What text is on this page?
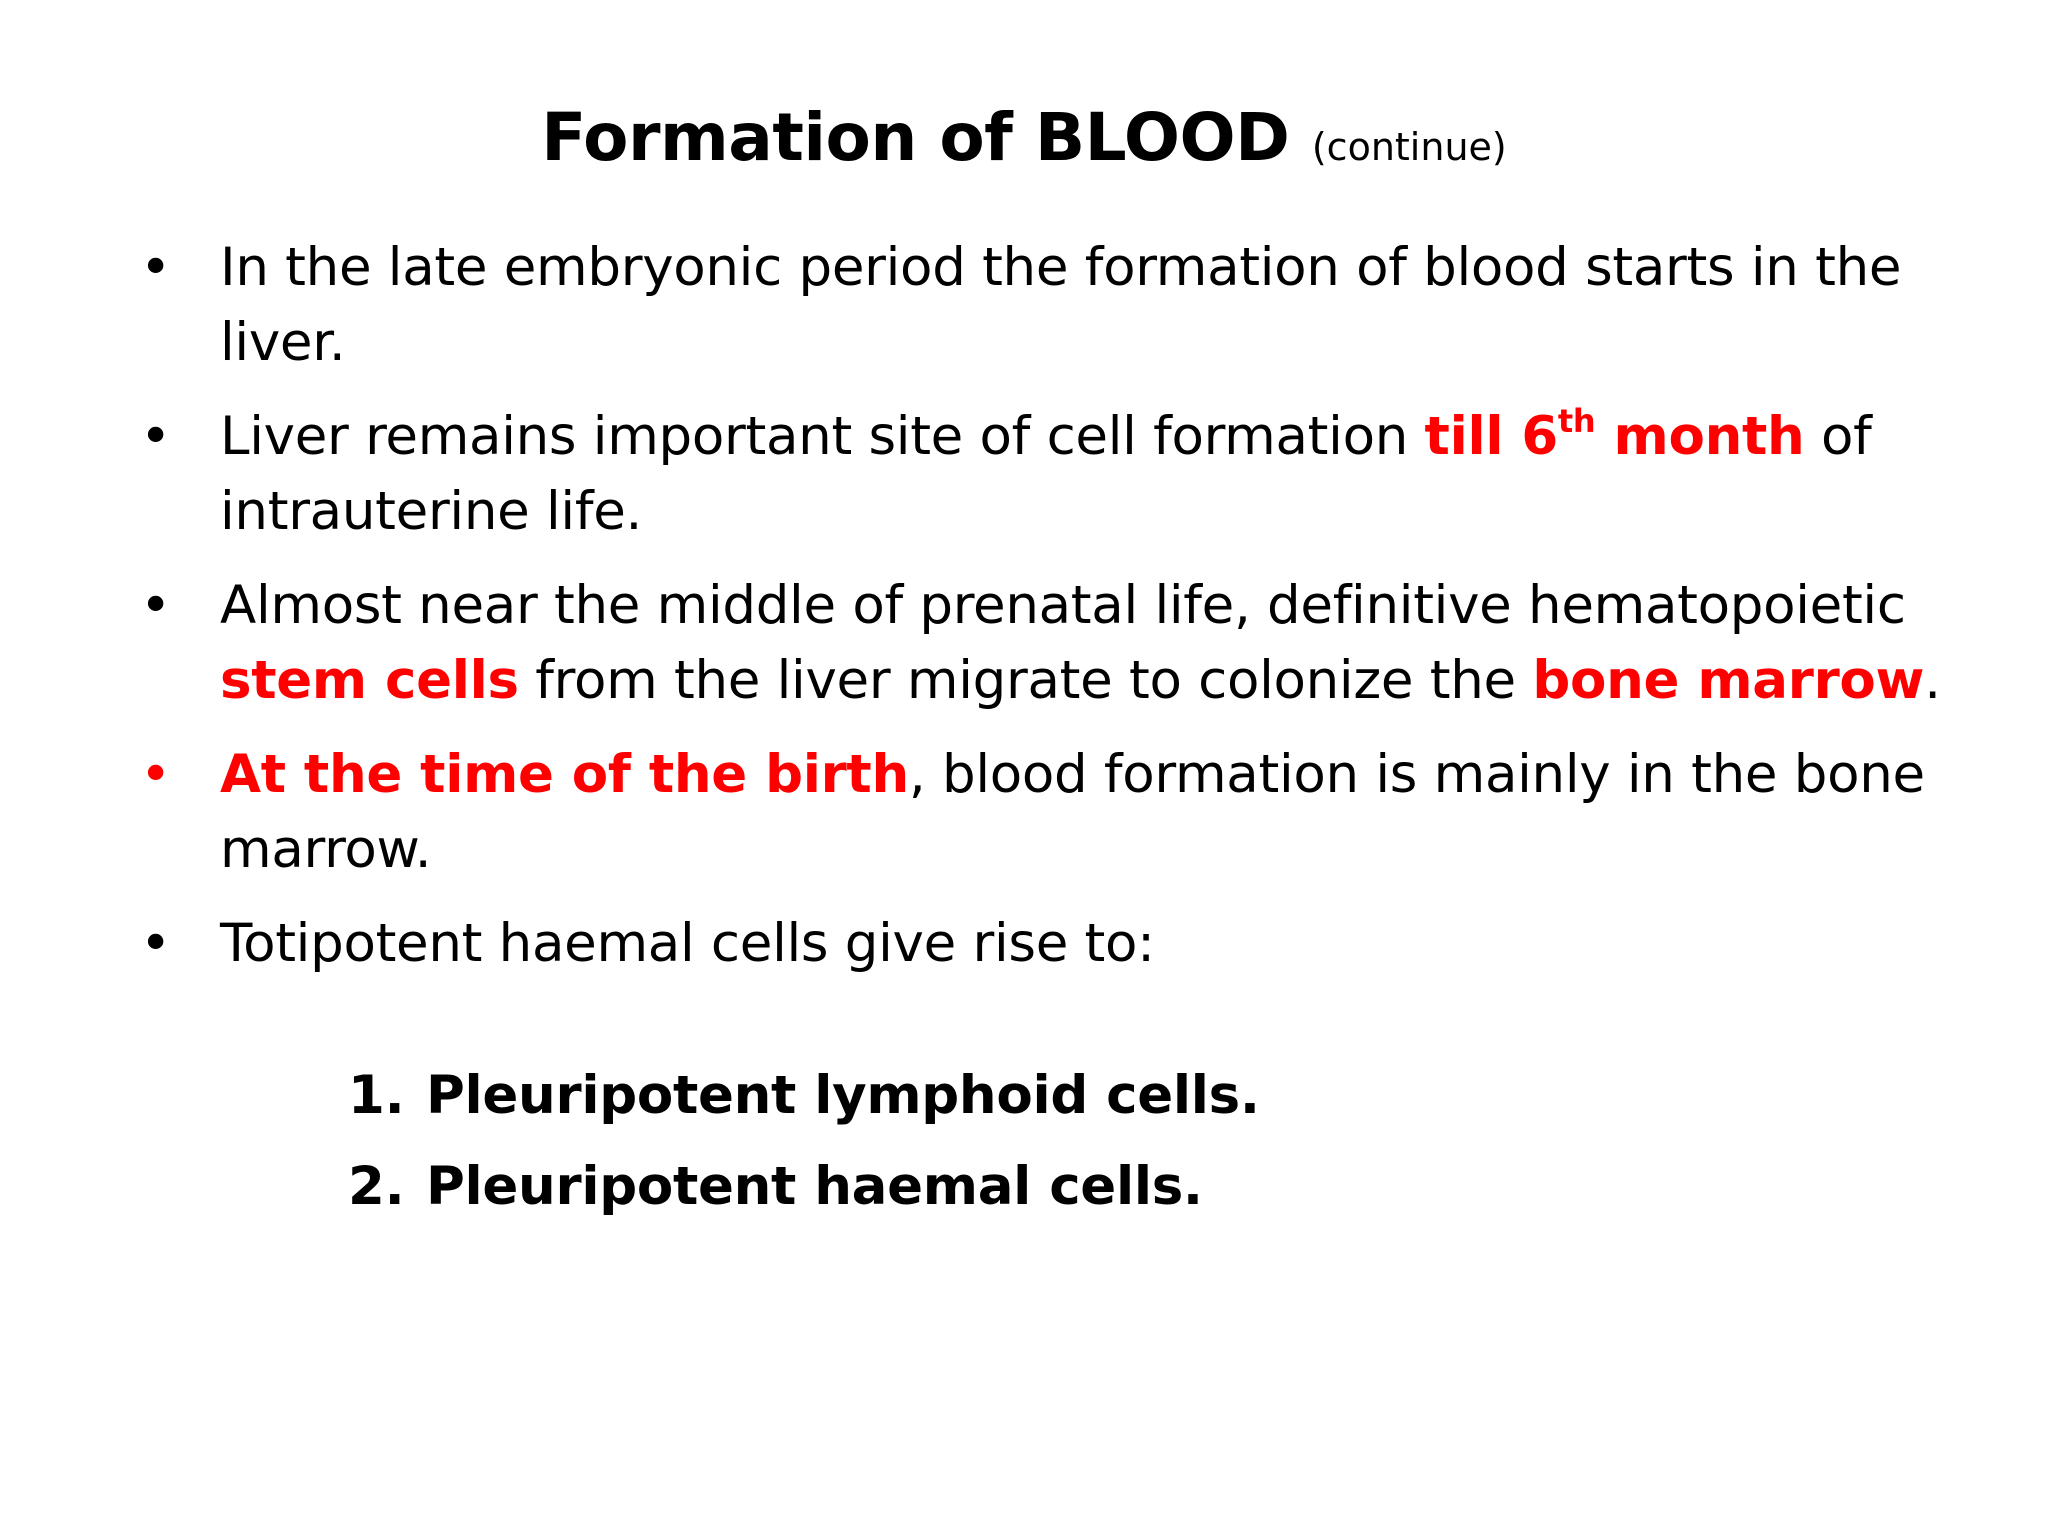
Formation of BLOOD (continue)
• In the late embryonic period the formation of blood starts in the liver.
• Liver remains important site of cell formation till 6th month of intrauterine life.
• Almost near the middle of prenatal life, definitive hematopoietic stem cells from the liver migrate to colonize the bone marrow.
• At the time of the birth, blood formation is mainly in the bone marrow.
• Totipotent haemal cells give rise to:
1. Pleuripotent lymphoid cells.
2. Pleuripotent haemal cells.
